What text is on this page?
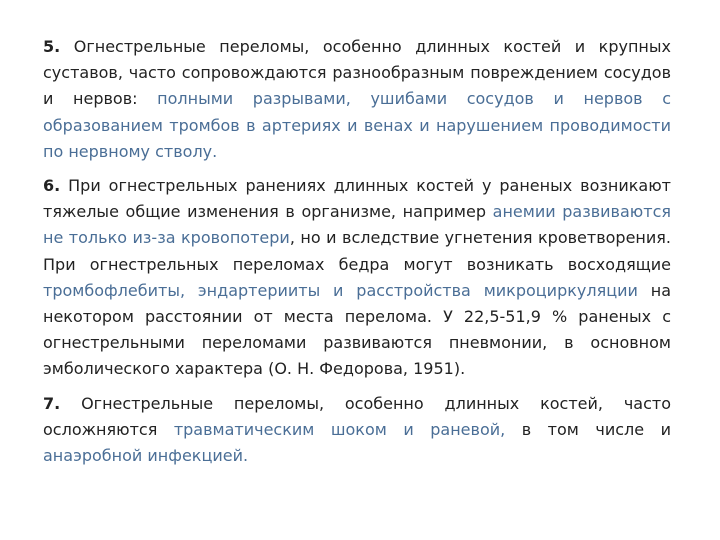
5. Огнестрельные переломы, особенно длинных костей и крупных суставов, часто сопровождаются разнообразным повреждением сосудов и нервов: полными разрывами, ушибами сосудов и нервов с образованием тромбов в артериях и венах и нарушением проводимости по нервному стволу.

6. При огнестрельных ранениях длинных костей у раненых возникают тяжелые общие изменения в организме, например анемии развиваются не только из-за кровопотери, но и вследствие угнетения кроветворения. При огнестрельных переломах бедра могут возникать восходящие тромбофлебиты, эндартерииты и расстройства микроциркуляции на некотором расстоянии от места перелома. У 22,5-51,9 % раненых с огнестрельными переломами развиваются пневмонии, в основном эмболического характера (О. Н. Федорова, 1951).

7. Огнестрельные переломы, особенно длинных костей, часто осложняются травматическим шоком и раневой, в том числе и анаэробной инфекцией.
